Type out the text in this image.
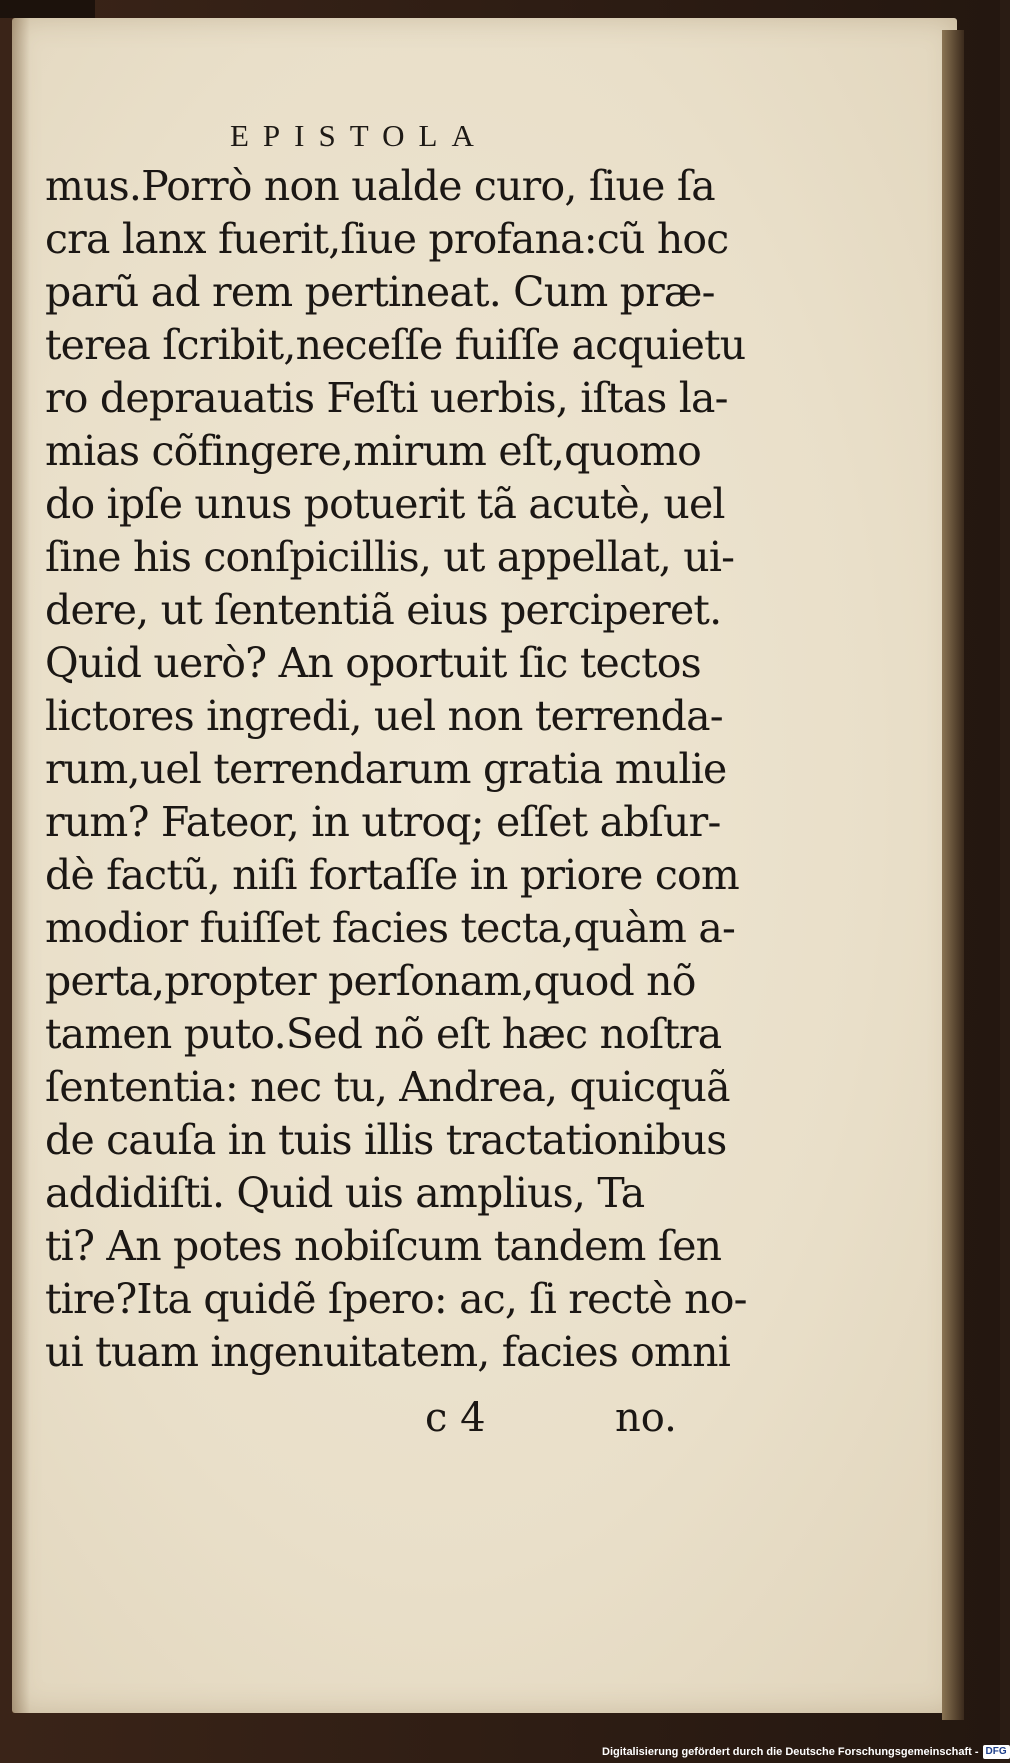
EPISTOLA
mus.Porrò non ualde curo, ſiue ſa
cra lanx fuerit,ſiue profana:cũ hoc
parũ ad rem pertineat. Cum præ-
terea ſcribit,neceſſe fuiſſe acquietu
ro deprauatis Feſti uerbis, iſtas la-
mias cõfingere,mirum eſt,quomo
do ipſe unus potuerit tã acutè, uel
ſine his conſpicillis, ut appellat, ui-
dere, ut ſententiã eius perciperet.
Quid uerò? An oportuit ſic tectos
lictores ingredi, uel non terrenda-
rum,uel terrendarum gratia mulie
rum? Fateor, in utroq; eſſet abſur-
dè factũ, niſi fortaſſe in priore com
modior fuiſſet facies tecta,quàm a-
perta,propter perſonam,quod nõ
tamen puto.Sed nõ eſt hæc noſtra
ſententia: nec tu, Andrea, quicquã
de cauſa in tuis illis tractationibus
addidiſti. Quid uis amplius, Ta
ti? An potes nobiſcum tandem ſen
tire?Ita quidẽ ſpero: ac, ſi rectè no-
ui tuam ingenuitatem, facies omni
c 4	no.
Digitalisierung gefördert durch die Deutsche Forschungsgemeinschaft - DFG
